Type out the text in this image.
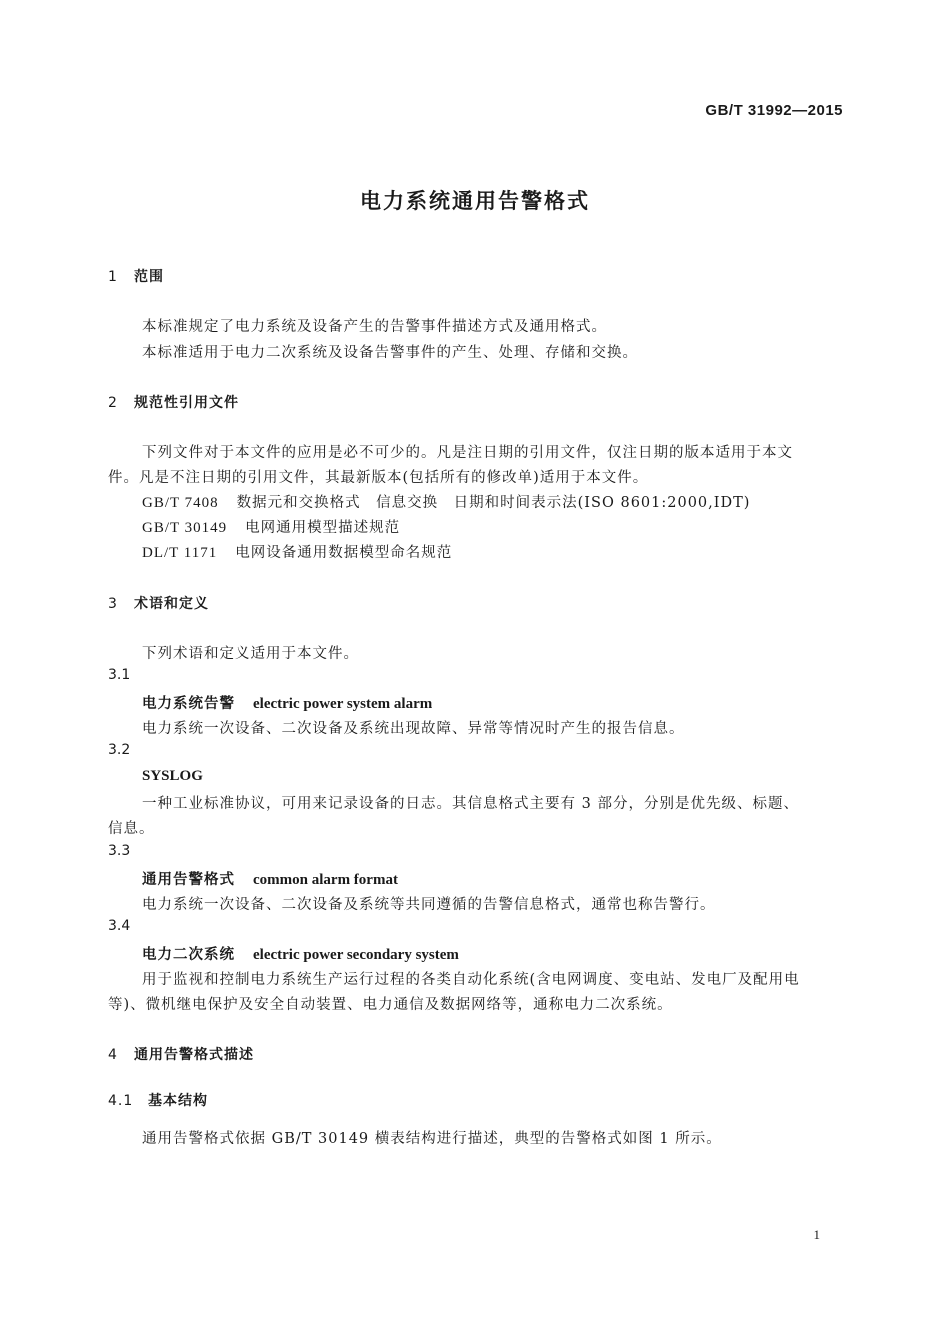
GB/T 31992—2015
电力系统通用告警格式
1 范围
本标准规定了电力系统及设备产生的告警事件描述方式及通用格式。
本标准适用于电力二次系统及设备告警事件的产生、处理、存储和交换。
2 规范性引用文件
下列文件对于本文件的应用是必不可少的。凡是注日期的引用文件，仅注日期的版本适用于本文
件。凡是不注日期的引用文件，其最新版本(包括所有的修改单)适用于本文件。
GB/T 7408 数据元和交换格式　信息交换　日期和时间表示法(ISO 8601:2000,IDT)
GB/T 30149 电网通用模型描述规范
DL/T 1171 电网设备通用数据模型命名规范
3 术语和定义
下列术语和定义适用于本文件。
3.1
电力系统告警 electric power system alarm
电力系统一次设备、二次设备及系统出现故障、异常等情况时产生的报告信息。
3.2
SYSLOG
一种工业标准协议，可用来记录设备的日志。其信息格式主要有 3 部分，分别是优先级、标题、
信息。
3.3
通用告警格式 common alarm format
电力系统一次设备、二次设备及系统等共同遵循的告警信息格式，通常也称告警行。
3.4
电力二次系统 electric power secondary system
用于监视和控制电力系统生产运行过程的各类自动化系统(含电网调度、变电站、发电厂及配用电
等)、微机继电保护及安全自动装置、电力通信及数据网络等，通称电力二次系统。
4 通用告警格式描述
4.1 基本结构
通用告警格式依据 GB/T 30149 横表结构进行描述，典型的告警格式如图 1 所示。
1
